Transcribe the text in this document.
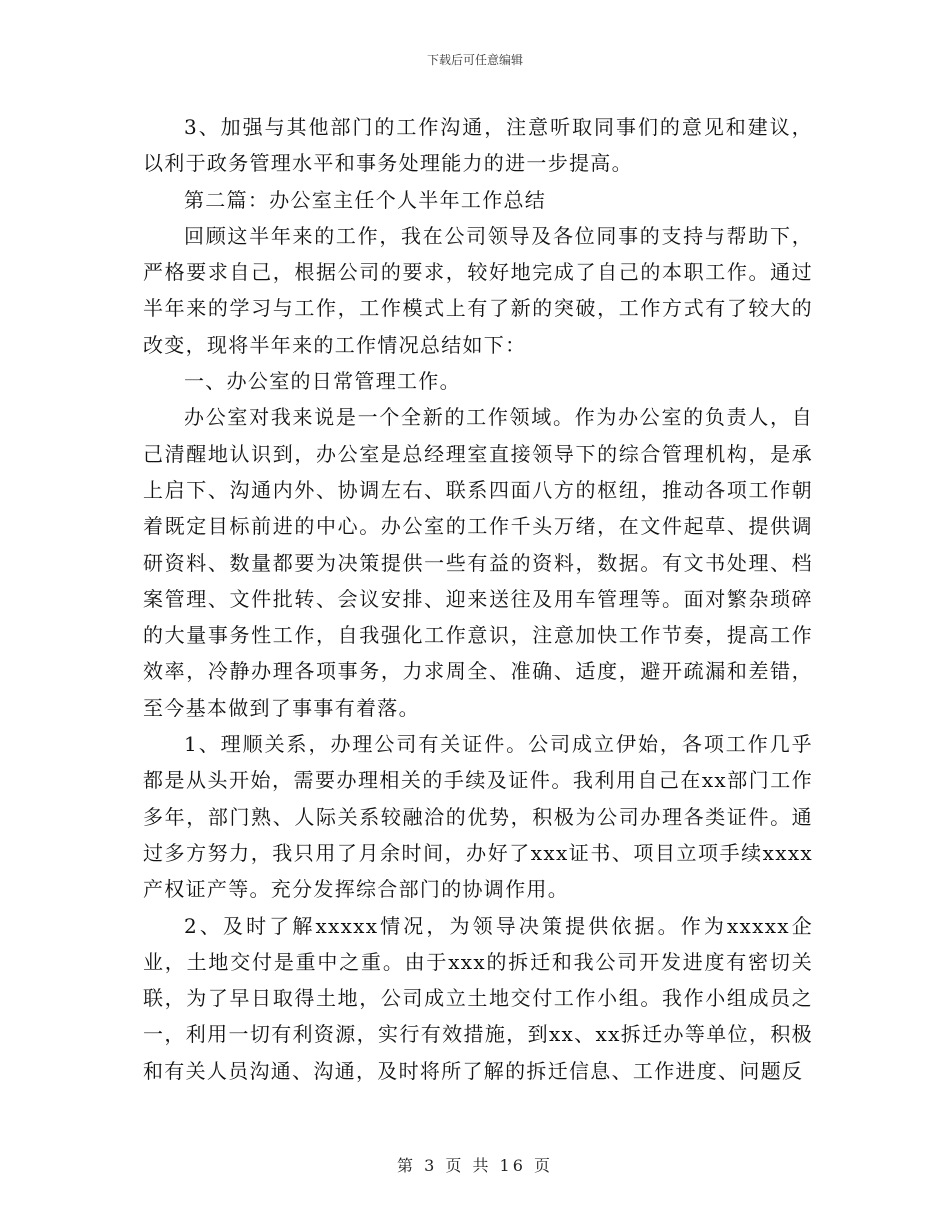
下载后可任意编辑

3、加强与其他部门的工作沟通，注意听取同事们的意见和建议，以利于政务管理水平和事务处理能力的进一步提高。

第二篇：办公室主任个人半年工作总结

回顾这半年来的工作，我在公司领导及各位同事的支持与帮助下，严格要求自己，根据公司的要求，较好地完成了自己的本职工作。通过半年来的学习与工作，工作模式上有了新的突破，工作方式有了较大的改变，现将半年来的工作情况总结如下：

一、办公室的日常管理工作。

办公室对我来说是一个全新的工作领域。作为办公室的负责人，自己清醒地认识到，办公室是总经理室直接领导下的综合管理机构，是承上启下、沟通内外、协调左右、联系四面八方的枢纽，推动各项工作朝着既定目标前进的中心。办公室的工作千头万绪，在文件起草、提供调研资料、数量都要为决策提供一些有益的资料，数据。有文书处理、档案管理、文件批转、会议安排、迎来送往及用车管理等。面对繁杂琐碎的大量事务性工作，自我强化工作意识，注意加快工作节奏，提高工作效率，冷静办理各项事务，力求周全、准确、适度，避开疏漏和差错，至今基本做到了事事有着落。

1、理顺关系，办理公司有关证件。公司成立伊始，各项工作几乎都是从头开始，需要办理相关的手续及证件。我利用自己在xx部门工作多年，部门熟、人际关系较融洽的优势，积极为公司办理各类证件。通过多方努力，我只用了月余时间，办好了xxx证书、项目立项手续xxxx产权证产等。充分发挥综合部门的协调作用。

2、及时了解xxxxx情况，为领导决策提供依据。作为xxxxx企业，土地交付是重中之重。由于xxx的拆迁和我公司开发进度有密切关联，为了早日取得土地，公司成立土地交付工作小组。我作小组成员之一，利用一切有利资源，实行有效措施，到xx、xx拆迁办等单位，积极和有关人员沟通、沟通，及时将所了解的拆迁信息、工作进度、问题反

第 3 页 共 16 页
